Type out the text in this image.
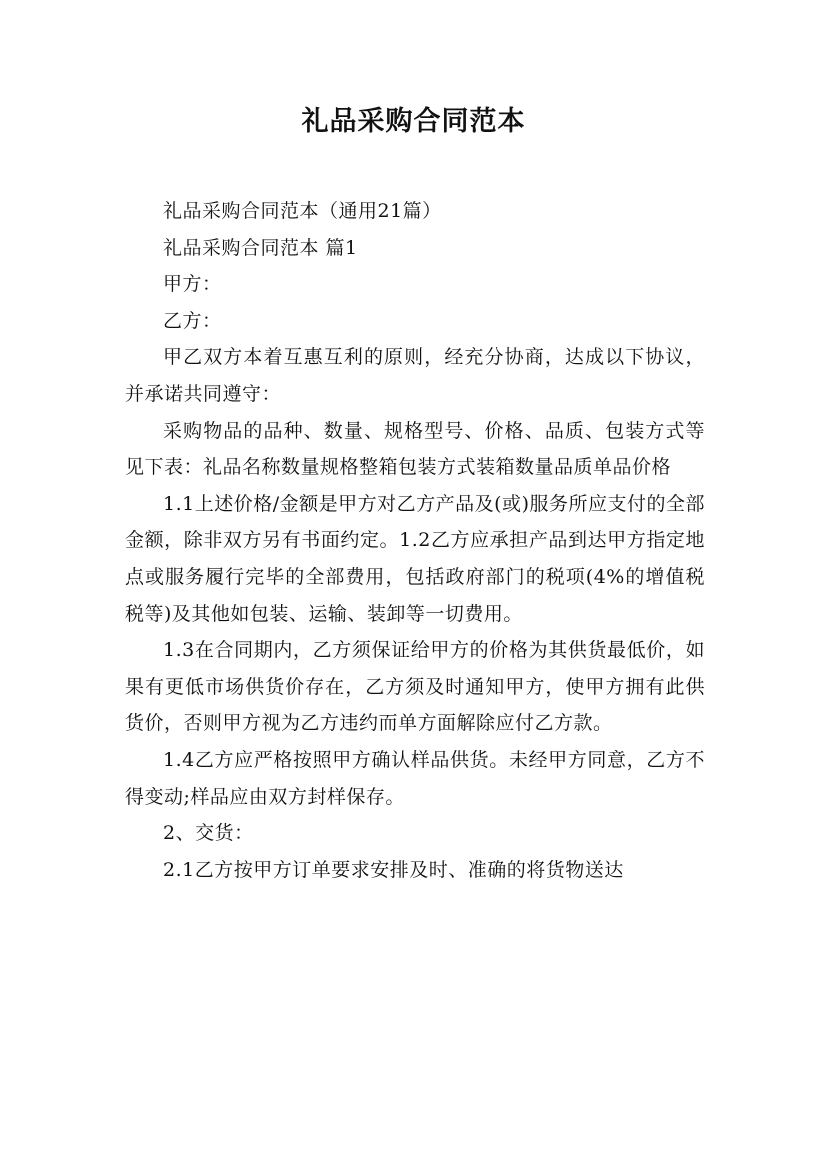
礼品采购合同范本

礼品采购合同范本（通用21篇）

礼品采购合同范本 篇1

甲方：

乙方：

甲乙双方本着互惠互利的原则，经充分协商，达成以下协议，并承诺共同遵守：

采购物品的品种、数量、规格型号、价格、品质、包装方式等见下表：礼品名称数量规格整箱包装方式装箱数量品质单品价格

1.1上述价格/金额是甲方对乙方产品及(或)服务所应支付的全部金额，除非双方另有书面约定。1.2乙方应承担产品到达甲方指定地点或服务履行完毕的全部费用，包括政府部门的税项(4%的增值税税等)及其他如包装、运输、装卸等一切费用。

1.3在合同期内，乙方须保证给甲方的价格为其供货最低价，如果有更低市场供货价存在，乙方须及时通知甲方，使甲方拥有此供货价，否则甲方视为乙方违约而单方面解除应付乙方款。

1.4乙方应严格按照甲方确认样品供货。未经甲方同意，乙方不得变动;样品应由双方封样保存。

2、交货：

2.1乙方按甲方订单要求安排及时、准确的将货物送达
